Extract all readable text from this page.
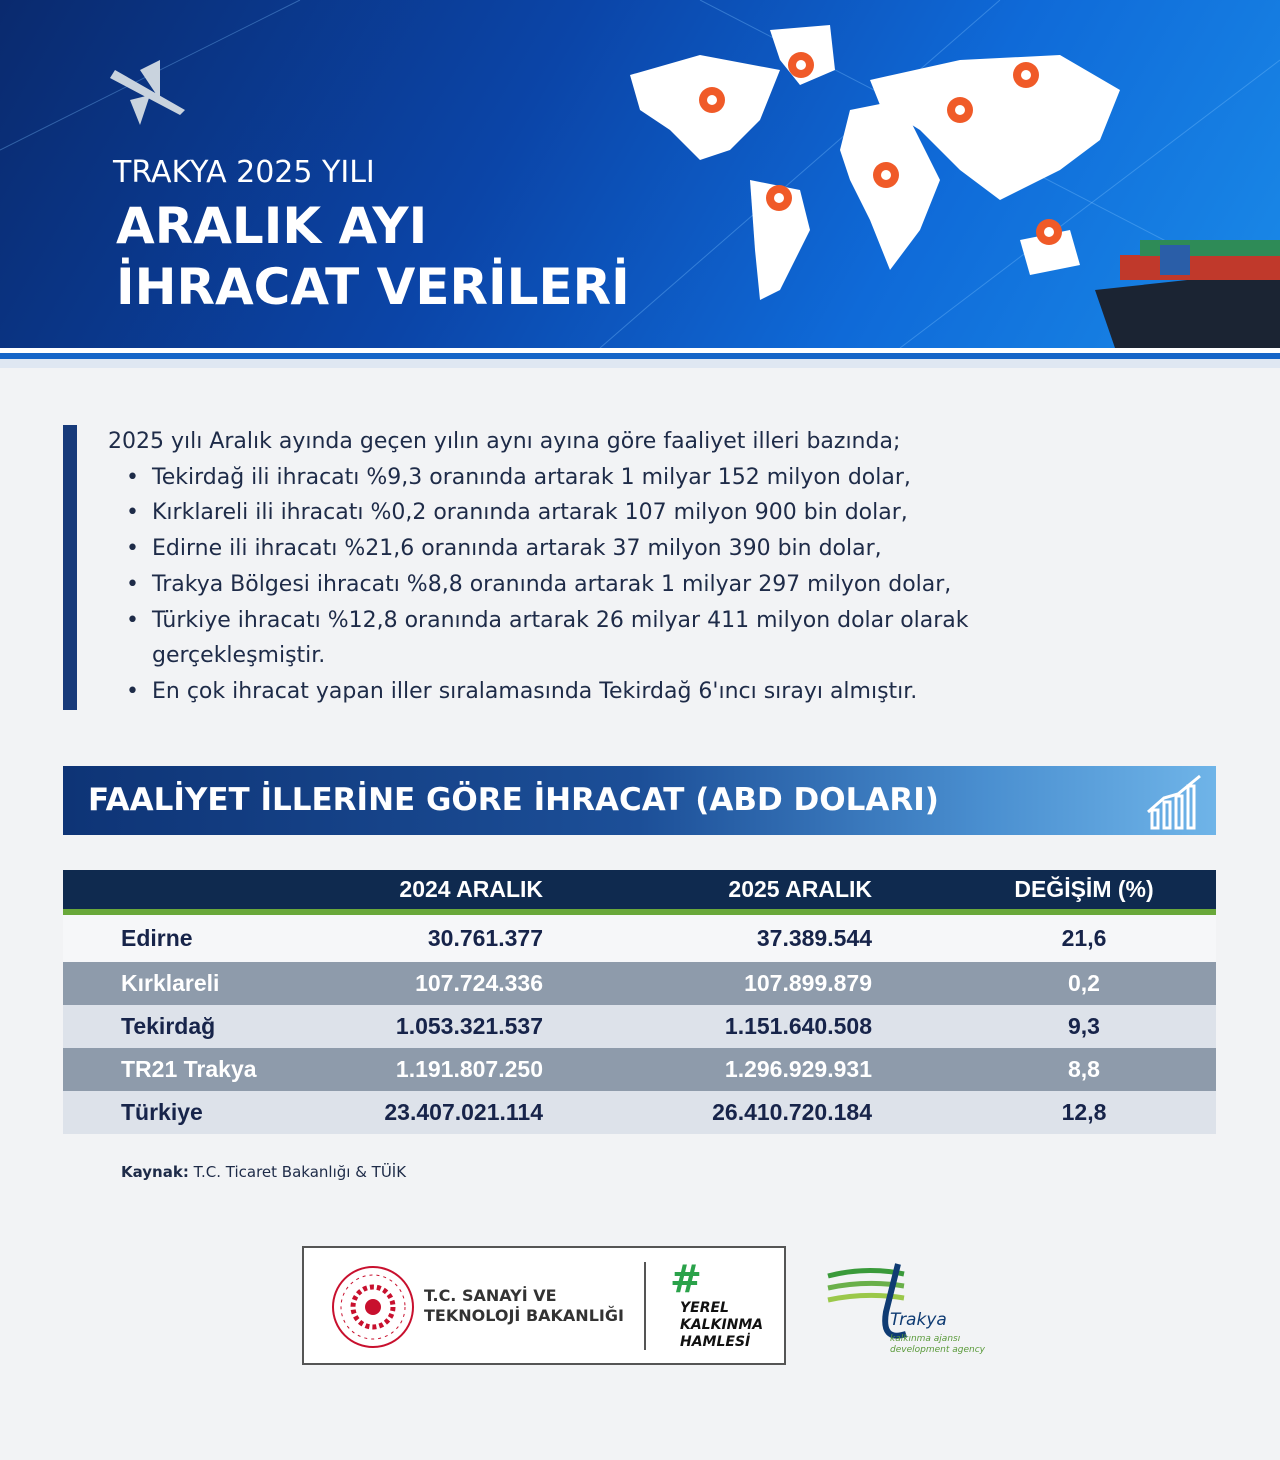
TRAKYA 2025 YILI
ARALIK AYI
İHRACAT VERİLERİ
2025 yılı Aralık ayında geçen yılın aynı ayına göre faaliyet illeri bazında;
• Tekirdağ ili ihracatı %9,3 oranında artarak 1 milyar 152 milyon dolar,
• Kırklareli ili ihracatı %0,2 oranında artarak 107 milyon 900 bin dolar,
• Edirne ili ihracatı %21,6 oranında artarak 37 milyon 390 bin dolar,
• Trakya Bölgesi ihracatı %8,8 oranında artarak 1 milyar 297 milyon dolar,
• Türkiye ihracatı %12,8 oranında artarak 26 milyar 411 milyon dolar olarak gerçekleşmiştir.
• En çok ihracat yapan iller sıralamasında Tekirdağ 6'ıncı sırayı almıştır.
FAALİYET İLLERİNE GÖRE İHRACAT (ABD DOLARI)
	2024 ARALIK	2025 ARALIK	DEĞİŞİM (%)
Edirne	30.761.377	37.389.544	21,6
Kırklareli	107.724.336	107.899.879	0,2
Tekirdağ	1.053.321.537	1.151.640.508	9,3
TR21 Trakya	1.191.807.250	1.296.929.931	8,8
Türkiye	23.407.021.114	26.410.720.184	12,8
Kaynak: T.C. Ticaret Bakanlığı & TÜİK
T.C. SANAYİ VE
TEKNOLOJİ BAKANLIĞI
#
YEREL
KALKINMA
HAMLESİ
Trakya
kalkınma ajansı
development agency
